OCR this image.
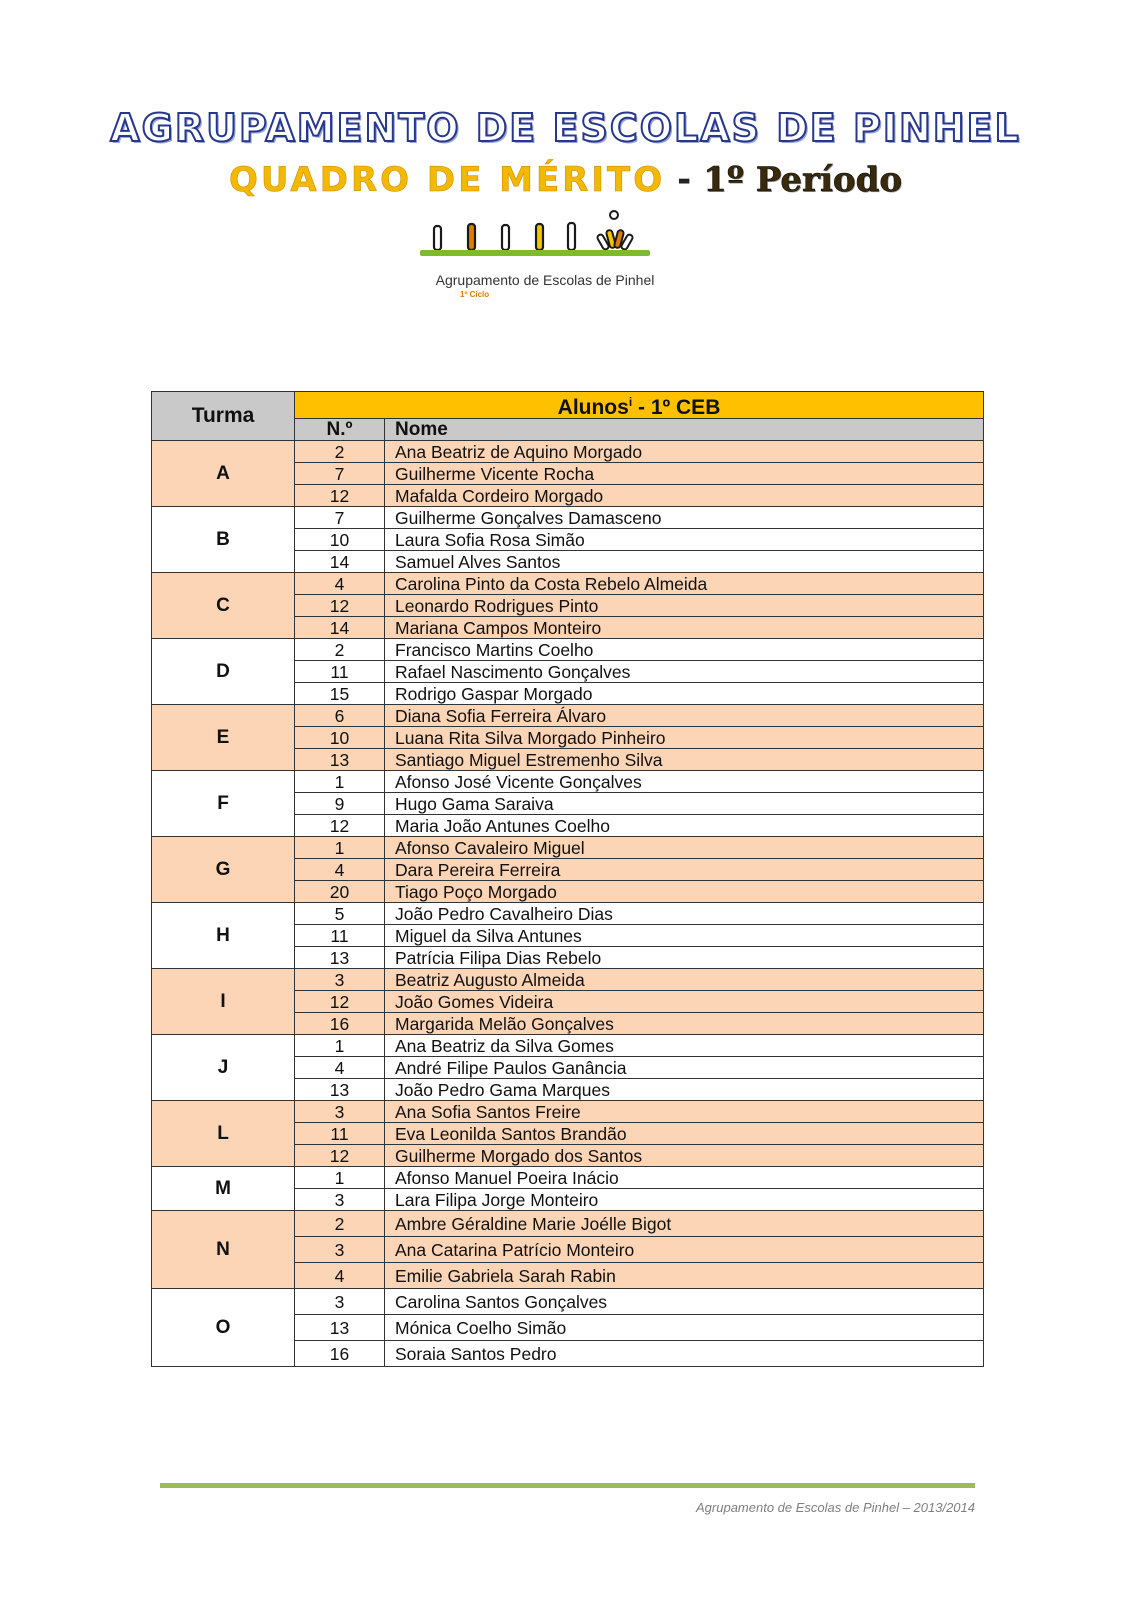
AGRUPAMENTO DE ESCOLAS DE PINHEL
QUADRO DE MÉRITO - 1º Período
Agrupamento de Escolas de Pinhel
1º Ciclo
Turma	Alunos$^i$ - 1º CEB	
	N.º	Nome
A	2	Ana Beatriz de Aquino Morgado
	7	Guilherme Vicente Rocha
	12	Mafalda Cordeiro Morgado
B	7	Guilherme Gonçalves Damasceno
	10	Laura Sofia Rosa Simão
	14	Samuel Alves Santos
C	4	Carolina Pinto da Costa Rebelo Almeida
	12	Leonardo Rodrigues Pinto
	14	Mariana Campos Monteiro
D	2	Francisco Martins Coelho
	11	Rafael Nascimento Gonçalves
	15	Rodrigo Gaspar Morgado
E	6	Diana Sofia Ferreira Álvaro
	10	Luana Rita Silva Morgado Pinheiro
	13	Santiago Miguel Estremenho Silva
F	1	Afonso José Vicente Gonçalves
	9	Hugo Gama Saraiva
	12	Maria João Antunes Coelho
G	1	Afonso Cavaleiro Miguel
	4	Dara Pereira Ferreira
	20	Tiago Poço Morgado
H	5	João Pedro Cavalheiro Dias
	11	Miguel da Silva Antunes
	13	Patrícia Filipa Dias Rebelo
I	3	Beatriz Augusto Almeida
	12	João Gomes Videira
	16	Margarida Melão Gonçalves
J	1	Ana Beatriz da Silva Gomes
	4	André Filipe Paulos Ganância
	13	João Pedro Gama Marques
L	3	Ana Sofia Santos Freire
	11	Eva Leonilda Santos Brandão
	12	Guilherme Morgado dos Santos
M	1	Afonso Manuel Poeira Inácio
	3	Lara Filipa Jorge Monteiro
N	2	Ambre Géraldine Marie Joélle Bigot
	3	Ana Catarina Patrício Monteiro
	4	Emilie Gabriela Sarah Rabin
O	3	Carolina Santos Gonçalves
	13	Mónica Coelho Simão
	16	Soraia Santos Pedro
Agrupamento de Escolas de Pinhel – 2013/2014
